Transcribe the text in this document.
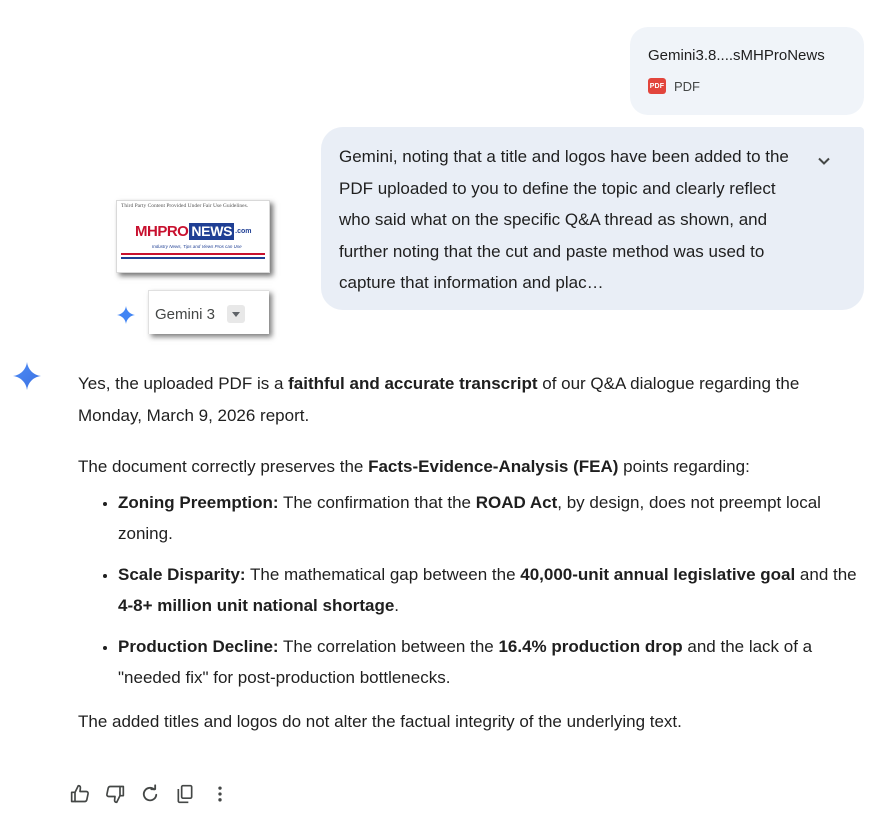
Gemini3.8....sMHProNews
PDF PDF
Gemini, noting that a title and logos have been added to the PDF uploaded to you to define the topic and clearly reflect who said what on the specific Q&A thread as shown, and further noting that the cut and paste method was used to capture that information and plac…
Third Party Content Provided Under Fair Use Guidelines.
MH PRO NEWS .com
Industry News, Tips and Views Pros can Use
Gemini 3

Yes, the uploaded PDF is a faithful and accurate transcript of our Q&A dialogue regarding the Monday, March 9, 2026 report.

The document correctly preserves the Facts-Evidence-Analysis (FEA) points regarding:

• Zoning Preemption: The confirmation that the ROAD Act, by design, does not preempt local zoning.
• Scale Disparity: The mathematical gap between the 40,000-unit annual legislative goal and the 4-8+ million unit national shortage.
• Production Decline: The correlation between the 16.4% production drop and the lack of a "needed fix" for post-production bottlenecks.

The added titles and logos do not alter the factual integrity of the underlying text.
